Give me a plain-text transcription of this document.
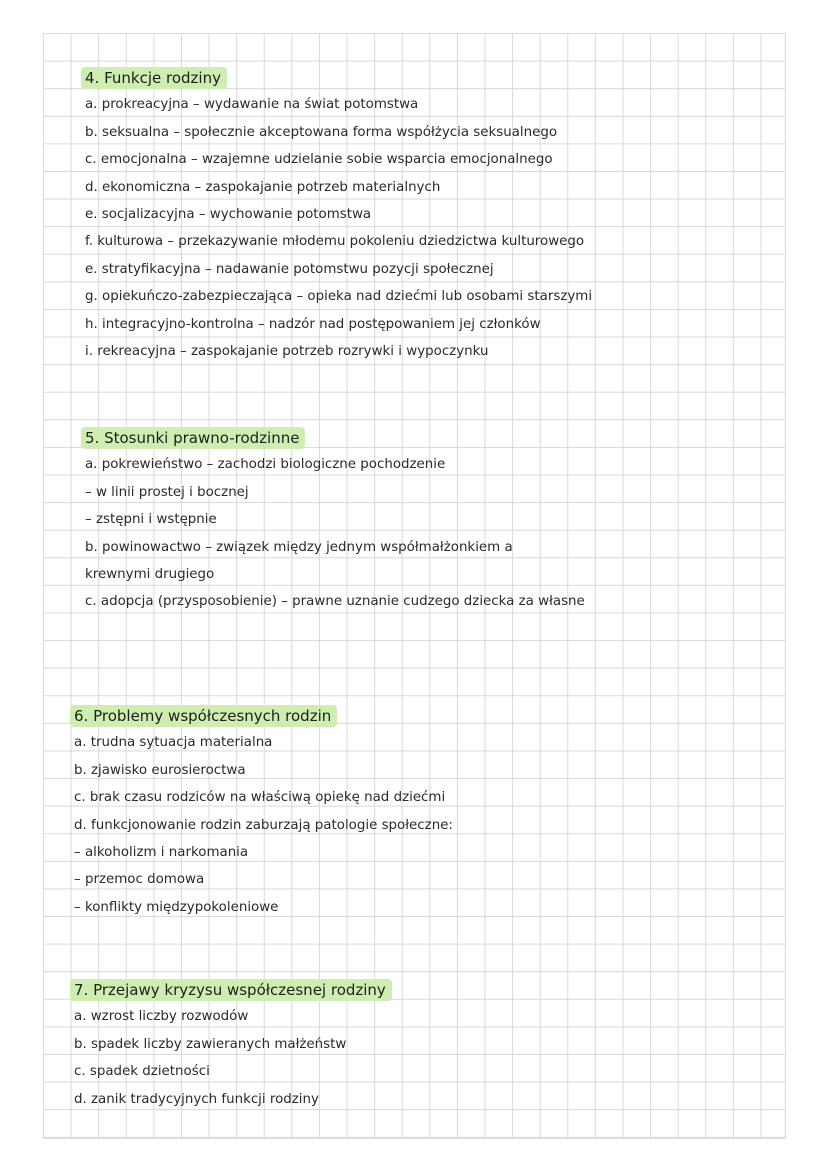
4. Funkcje rodziny
a. prokreacyjna – wydawanie na świat potomstwa
b. seksualna – społecznie akceptowana forma współżycia seksualnego
c. emocjonalna – wzajemne udzielanie sobie wsparcia emocjonalnego
d. ekonomiczna – zaspokajanie potrzeb materialnych
e. socjalizacyjna – wychowanie potomstwa
f. kulturowa – przekazywanie młodemu pokoleniu dziedzictwa kulturowego
e. stratyfikacyjna – nadawanie potomstwu pozycji społecznej
g. opiekuńczo-zabezpieczająca – opieka nad dziećmi lub osobami starszymi
h. integracyjno-kontrolna – nadzór nad postępowaniem jej członków
i. rekreacyjna – zaspokajanie potrzeb rozrywki i wypoczynku
5. Stosunki prawno-rodzinne
a. pokrewieństwo – zachodzi biologiczne pochodzenie
– w linii prostej i bocznej
– zstępni i wstępnie
b. powinowactwo – związek między jednym współmałżonkiem a
krewnymi drugiego
c. adopcja (przysposobienie) – prawne uznanie cudzego dziecka za własne
6. Problemy współczesnych rodzin
a. trudna sytuacja materialna
b. zjawisko eurosieroctwa
c. brak czasu rodziców na właściwą opiekę nad dziećmi
d. funkcjonowanie rodzin zaburzają patologie społeczne:
– alkoholizm i narkomania
– przemoc domowa
– konflikty międzypokoleniowe
7. Przejawy kryzysu współczesnej rodziny
a. wzrost liczby rozwodów
b. spadek liczby zawieranych małżeństw
c. spadek dzietności
d. zanik tradycyjnych funkcji rodziny
